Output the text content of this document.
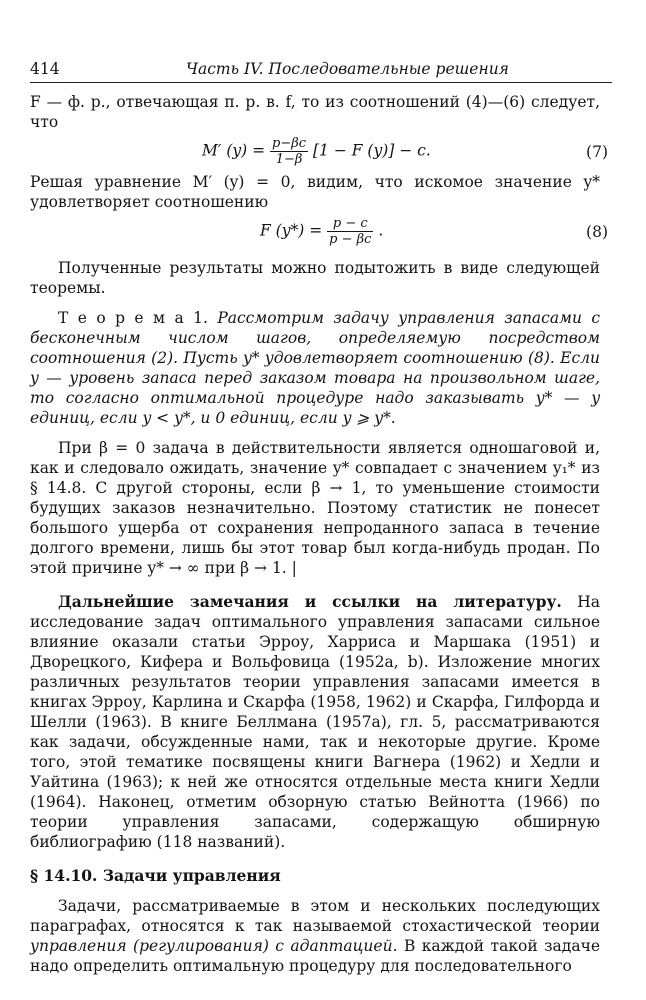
414	Часть IV. Последовательные решения

F — ф. р., отвечающая п. р. в. f, то из соотношений (4)—(6) следует, что

M′ $(y) = \frac{p-\beta c}{1-\beta} [1 - F$ (y)] − c.	(7)

Решая уравнение M′ (y) = 0, видим, что искомое значение y* удовлетворяет соотношению

F $(y*) = \frac{p - c}{p - \beta c}$ .	(8)

Полученные результаты можно подытожить в виде следующей теоремы.

Т е о р е м а 1. Рассмотрим задачу управления запасами с бесконечным числом шагов, определяемую посредством соотношения (2). Пусть y* удовлетворяет соотношению (8). Если y — уровень запаса перед заказом товара на произвольном шаге, то согласно оптимальной процедуре надо заказывать y* — y единиц, если y < y*, и 0 единиц, если y ⩾ y*.

При β = 0 задача в действительности является одношаговой и, как и следовало ожидать, значение y* совпадает с значением y₁* из § 14.8. С другой стороны, если β → 1, то уменьшение стоимости будущих заказов незначительно. Поэтому статистик не понесет большого ущерба от сохранения непроданного запаса в течение долгого времени, лишь бы этот товар был когда-нибудь продан. По этой причине y* → ∞ при β → 1. |

Дальнейшие замечания и ссылки на литературу. На исследование задач оптимального управления запасами сильное влияние оказали статьи Эрроу, Харриса и Маршака (1951) и Дворецкого, Кифера и Вольфовица (1952a, b). Изложение многих различных результатов теории управления запасами имеется в книгах Эрроу, Карлина и Скарфа (1958, 1962) и Скарфа, Гилфорда и Шелли (1963). В книге Беллмана (1957a), гл. 5, рассматриваются как задачи, обсужденные нами, так и некоторые другие. Кроме того, этой тематике посвящены книги Вагнера (1962) и Хедли и Уайтина (1963); к ней же относятся отдельные места книги Хедли (1964). Наконец, отметим обзорную статью Вейнотта (1966) по теории управления запасами, содержащую обширную библиографию (118 названий).

§ 14.10. Задачи управления

Задачи, рассматриваемые в этом и нескольких последующих параграфах, относятся к так называемой стохастической теории управления (регулирования) с адаптацией. В каждой такой задаче надо определить оптимальную процедуру для последовательного
